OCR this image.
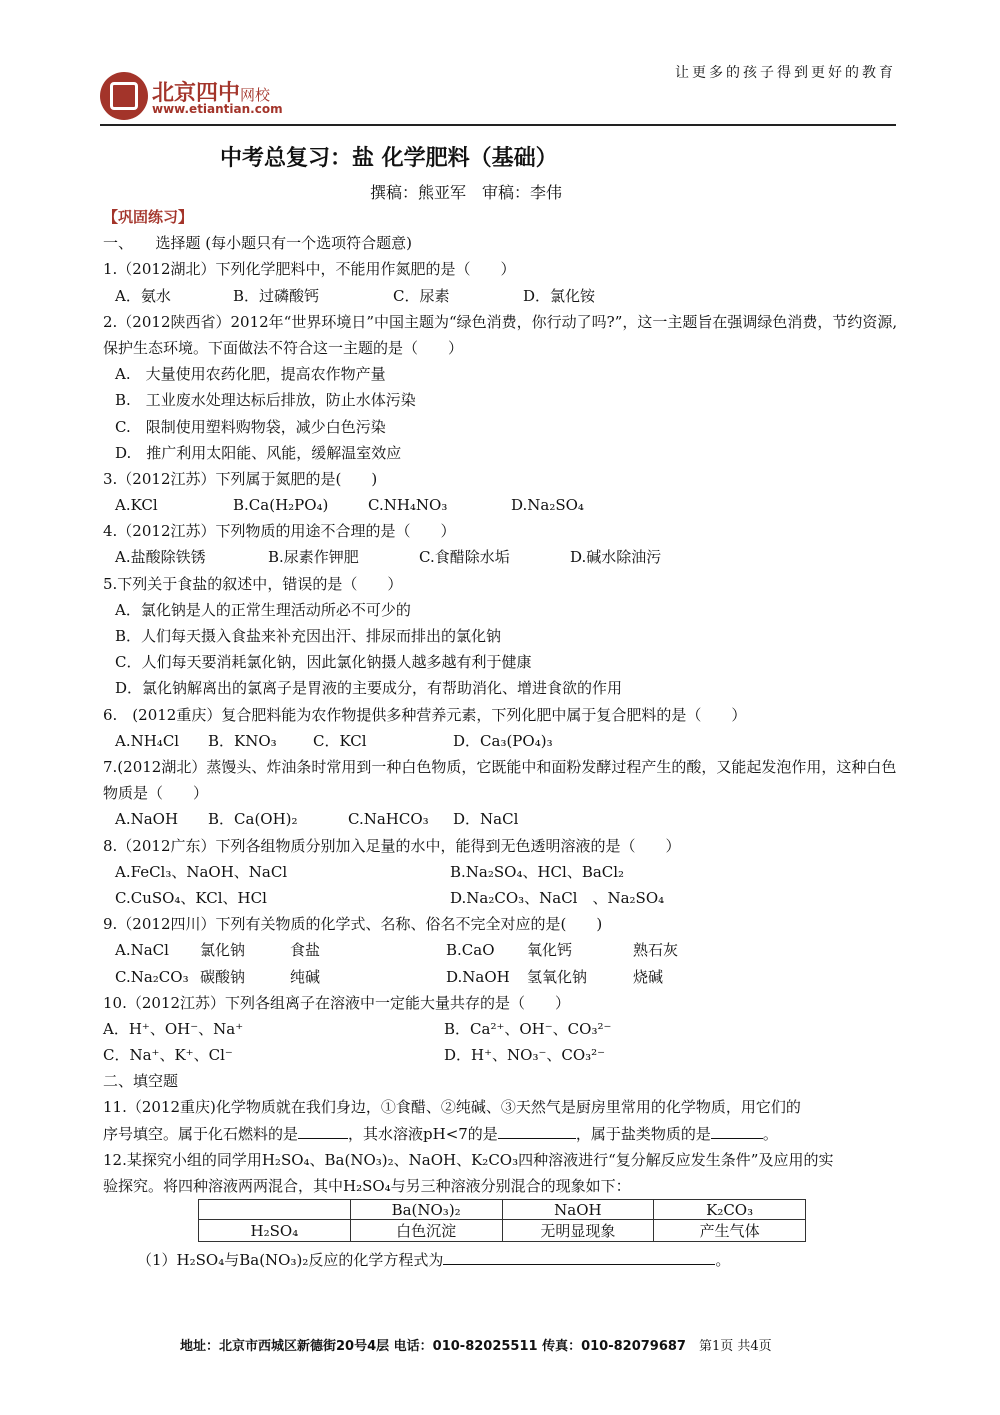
北京四中网校
www.etiantian.com
让更多的孩子得到更好的教育
中考总复习：盐 化学肥料（基础）
撰稿：熊亚军　审稿：李伟
【巩固练习】
一、　　选择题 (每小题只有一个选项符合题意)
1.（2012湖北）下列化学肥料中，不能用作氮肥的是（　　）
A．氨水	B．过磷酸钙	C．尿素	D．氯化铵
2.（2012陕西省）2012年“世界环境日”中国主题为“绿色消费，你行动了吗?”，这一主题旨在强调绿色消费，节约资源,保护生态环境。下面做法不符合这一主题的是（　　）
A.　大量使用农药化肥，提高农作物产量
B.　工业废水处理达标后排放，防止水体污染
C.　限制使用塑料购物袋，减少白色污染
D.　推广利用太阳能、风能，缓解温室效应
3.（2012江苏）下列属于氮肥的是(　　)
A.KCl	B.Ca(H₂PO₄)	C.NH₄NO₃	D.Na₂SO₄
4.（2012江苏）下列物质的用途不合理的是（　　）
A.盐酸除铁锈	B.尿素作钾肥	C.食醋除水垢	D.碱水除油污
5.下列关于食盐的叙述中，错误的是（　　）
A．氯化钠是人的正常生理活动所必不可少的
B．人们每天摄入食盐来补充因出汗、排尿而排出的氯化钠
C．人们每天要消耗氯化钠，因此氯化钠摄人越多越有利于健康
D．氯化钠解离出的氯离子是胃液的主要成分，有帮助消化、增进食欲的作用
6.　(2012重庆）复合肥料能为农作物提供多种营养元素，下列化肥中属于复合肥料的是（　　）
A.NH₄Cl B．KNO₃ C．KCl	D．Ca₃(PO₄)₃
7.(2012湖北）蒸馒头、炸油条时常用到一种白色物质，它既能中和面粉发酵过程产生的酸，又能起发泡作用，这种白色物质是（　　）
A.NaOH B．Ca(OH)₂	C.NaHCO₃ D．NaCl
8.（2012广东）下列各组物质分别加入足量的水中，能得到无色透明溶液的是（　　）
A.FeCl₃、NaOH、NaCl	B.Na₂SO₄、HCl、BaCl₂
C.CuSO₄、KCl、HCl	D.Na₂CO₃、NaCl　、Na₂SO₄
9.（2012四川）下列有关物质的化学式、名称、俗名不完全对应的是(　　)
A.NaCl 氯化钠	食盐	B.CaO 氧化钙	熟石灰
C.Na₂CO₃ 碳酸钠	纯碱	D.NaOH 氢氧化钠	烧碱
10.（2012江苏）下列各组离子在溶液中一定能大量共存的是（　　）
A．H⁺、OH⁻、Na⁺	B．Ca²⁺、OH⁻、CO₃²⁻
C．Na⁺、K⁺、Cl⁻	D．H⁺、NO₃⁻、CO₃²⁻
二、填空题
11.（2012重庆)化学物质就在我们身边，①食醋、②纯碱、③天然气是厨房里常用的化学物质，用它们的
序号填空。属于化石燃料的是	，其水溶液pH<7的是	，属于盐类物质的是	。
12.某探究小组的同学用H₂SO₄、Ba(NO₃)₂、NaOH、K₂CO₃四种溶液进行“复分解反应发生条件”及应用的实
验探究。将四种溶液两两混合，其中H₂SO₄与另三种溶液分别混合的现象如下：
	Ba(NO₃)₂	NaOH	K₂CO₃
H₂SO₄	白色沉淀	无明显现象	产生气体
（1）H₂SO₄与Ba(NO₃)₂反应的化学方程式为	。
地址：北京市西城区新德街20号4层 电话：010-82025511 传真：010-82079687　 第1页 共4页
